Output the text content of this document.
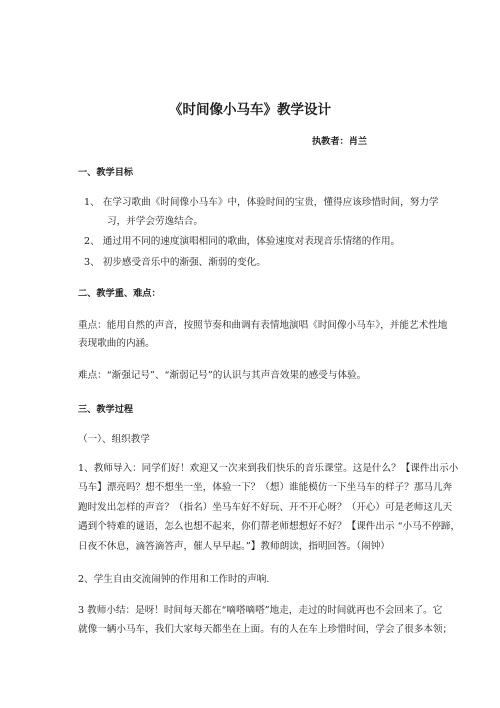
《时间像小马车》教学设计
执教者：肖兰
一、教学目标
1、 在学习歌曲《时间像小马车》中，体验时间的宝贵，懂得应该珍惜时间，努力学
习，并学会劳逸结合。
2、 通过用不同的速度演唱相同的歌曲，体验速度对表现音乐情绪的作用。
3、 初步感受音乐中的渐强、渐弱的变化。
二、教学重、难点：
重点：能用自然的声音，按照节奏和曲调有表情地演唱《时间像小马车》，并能艺术性地
表现歌曲的内涵。
难点：“渐强记号”、“渐弱记号”的认识与其声音效果的感受与体验。
三、教学过程
（一）、组织教学
1、教师导入：同学们好！欢迎又一次来到我们快乐的音乐课堂。这是什么？【课件出示小
马车】漂亮吗？想不想坐一坐，体验一下？（想）谁能模仿一下坐马车的样子？那马儿奔
跑时发出怎样的声音？（指名）坐马车好不好玩、开不开心呀？（开心）可是老师这儿天
遇到个特难的谜语，怎么也想不起来，你们帮老师想想好不好？【课件出示 “小马不停蹄，
日夜不休息，滴答滴答声，催人早早起。”】教师朗读，指明回答。（闹钟）
2、学生自由交流闹钟的作用和工作时的声响.
3 教师小结：是呀！时间每天都在“嘀嗒嘀嗒”地走，走过的时间就再也不会回来了。它
就像一辆小马车，我们大家每天都坐在上面。有的人在车上珍惜时间，学会了很多本领；
